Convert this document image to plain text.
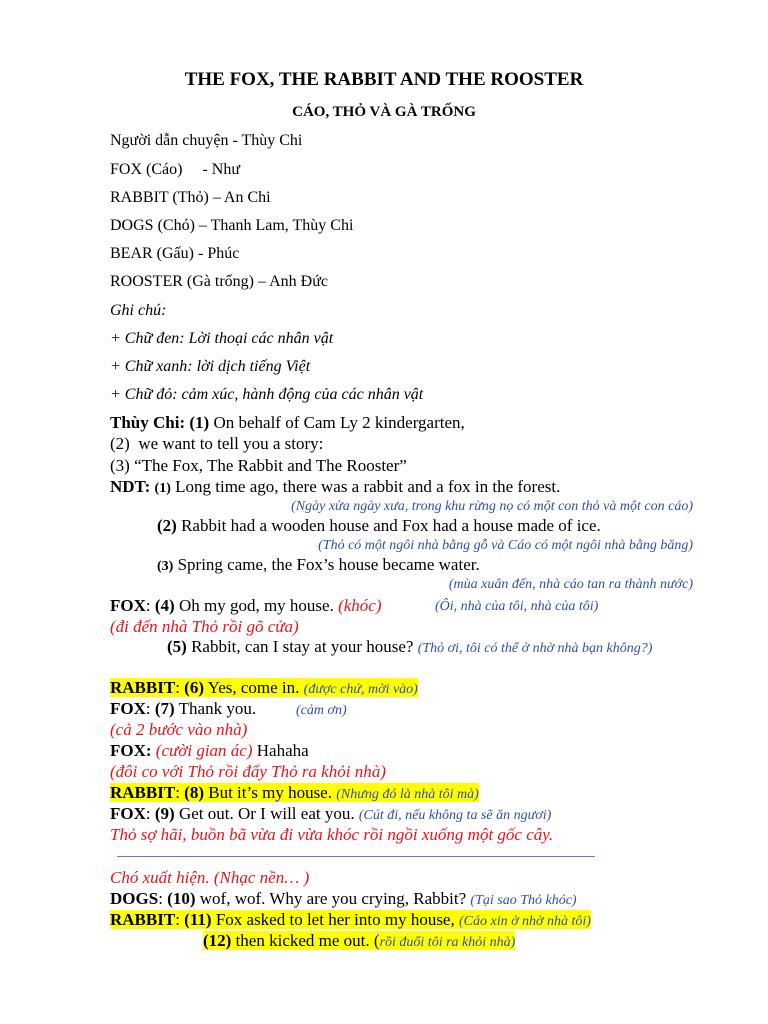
THE FOX, THE RABBIT AND THE ROOSTER
CÁO, THỎ VÀ GÀ TRỐNG
Người dẫn chuyện - Thùy Chi
FOX (Cáo)     - Như
RABBIT (Thỏ) – An Chi
DOGS (Chó) – Thanh Lam, Thùy Chi
BEAR (Gấu) - Phúc
ROOSTER (Gà trống) – Anh Đức
Ghi chú:
+ Chữ đen: Lời thoại các nhân vật
+ Chữ xanh: lời dịch tiếng Việt
+ Chữ đỏ: cảm xúc, hành động của các nhân vật
Thùy Chi: (1) On behalf of Cam Ly 2 kindergarten,
(2)  we want to tell you a story:
(3) “The Fox, The Rabbit and The Rooster”
NDT: (1) Long time ago, there was a rabbit and a fox in the forest.
(Ngày xửa ngày xưa, trong khu rừng nọ có một con thỏ và một con cáo)
(2) Rabbit had a wooden house and Fox had a house made of ice.
(Thỏ có một ngôi nhà bằng gỗ và Cáo có một ngôi nhà bằng băng)
(3) Spring came, the Fox’s house became water.
(mùa xuân đến, nhà cáo tan ra thành nước)
FOX: (4) Oh my god, my house. (khóc)	(Ôi, nhà của tôi, nhà của tôi)
(đi đến nhà Thỏ rồi gõ cửa)
(5) Rabbit, can I stay at your house? (Thỏ ơi, tôi có thể ở nhờ nhà bạn không?)
RABBIT: (6) Yes, come in. (được chứ, mời vào)
FOX: (7) Thank you.	(cảm ơn)
(cả 2 bước vào nhà)
FOX: (cười gian ác) Hahaha
(đôi co với Thỏ rồi đẩy Thỏ ra khỏi nhà)
RABBIT: (8) But it’s my house. (Nhưng đó là nhà tôi mà)
FOX: (9) Get out. Or I will eat you. (Cút đi, nếu không ta sẽ ăn ngươi)
Thỏ sợ hãi, buồn bã vừa đi vừa khóc rồi ngồi xuống một gốc cây.
Chó xuất hiện. (Nhạc nền… )
DOGS: (10) wof, wof. Why are you crying, Rabbit? (Tại sao Thỏ khóc)
RABBIT: (11) Fox asked to let her into my house, (Cáo xin ở nhờ nhà tôi)
(12) then kicked me out. (rồi đuổi tôi ra khỏi nhà)
